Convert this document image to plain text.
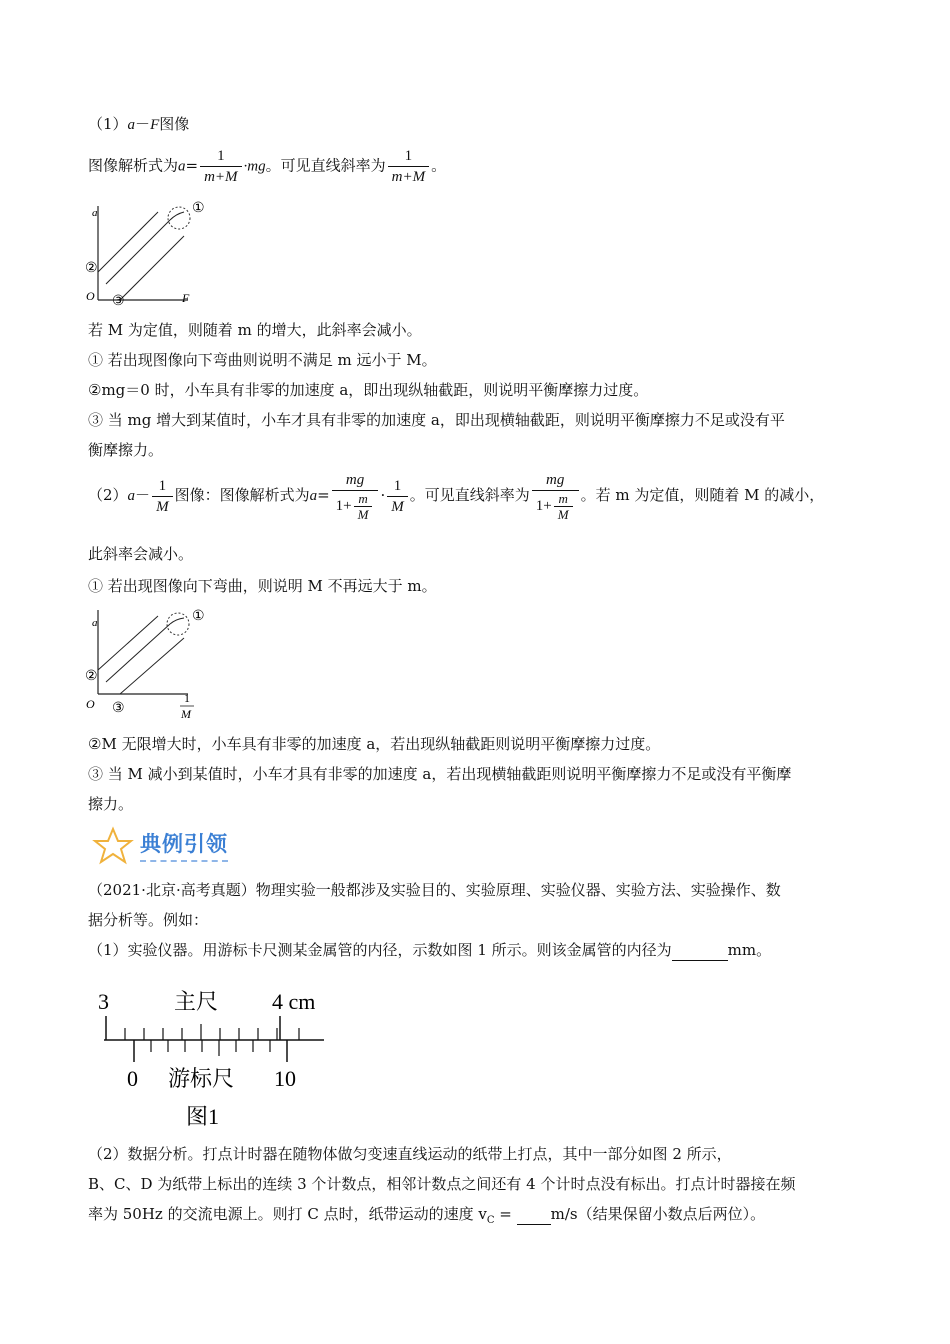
（1）a－F图像
图像解析式为$a= \frac{1}{m+M} \cdot mg$。可见直线斜率为 $\frac{1}{m+M}$ 。
a
F
O
①
②
③
若 M 为定值，则随着 m 的增大，此斜率会减小。
① 若出现图像向下弯曲则说明不满足 m 远小于 M。
②mg＝0 时，小车具有非零的加速度 a，即出现纵轴截距，则说明平衡摩擦力过度。
③ 当 mg 增大到某值时，小车才具有非零的加速度 a，即出现横轴截距，则说明平衡摩擦力不足或没有平
衡摩擦力。
$(2)a- \frac{1}{M}$ 图像：图像解析式为$a= \frac{mg}{1+ \frac{m}{M}} \cdot \frac{1}{M}$ 。可见直线斜率为 $\frac{mg}{1+ \frac{m}{M}}$ 。若 m 为定值，则随着 M 的减小，
此斜率会减小。
① 若出现图像向下弯曲，则说明 M 不再远大于 m。
a
1
M
O
①
②
③
②M 无限增大时，小车具有非零的加速度 a，若出现纵轴截距则说明平衡摩擦力过度。
③ 当 M 减小到某值时，小车才具有非零的加速度 a，若出现横轴截距则说明平衡摩擦力不足或没有平衡摩
擦力。
典例引领
（2021·北京·高考真题）物理实验一般都涉及实验目的、实验原理、实验仪器、实验方法、实验操作、数
据分析等。例如：
（1）实验仪器。用游标卡尺测某金属管的内径，示数如图 1 所示。则该金属管的内径为	mm。
3	主尺 4 cm
0 游标尺 10
图1
（2）数据分析。打点计时器在随物体做匀变速直线运动的纸带上打点，其中一部分如图 2 所示，
B、C、D 为纸带上标出的连续 3 个计数点，相邻计数点之间还有 4 个计时点没有标出。打点计时器接在频
率为 50Hz 的交流电源上。则打 C 点时，纸带运动的速度 $v_C = m/s$（结果保留小数点后两位）。
